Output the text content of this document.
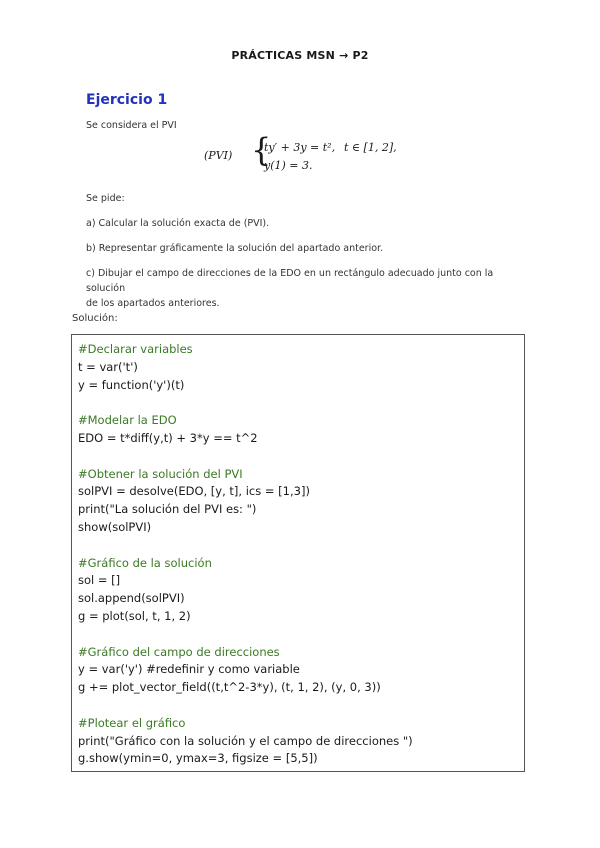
PRÁCTICAS MSN → P2
Ejercicio 1

Se considera el PVI

(PVI) {
ty′ + 3y = t², t ∈ [1, 2],
y(1) = 3.

Se pide:

a) Calcular la solución exacta de (PVI).

b) Representar gráficamente la solución del apartado anterior.

c) Dibujar el campo de direcciones de la EDO en un rectángulo adecuado junto con la solución
de los apartados anteriores.

Solución:
#Declarar variables
t = var('t')
y = function('y')(t)
#Modelar la EDO
EDO = t*diff(y,t) + 3*y == t^2
#Obtener la solución del PVI
solPVI = desolve(EDO, [y, t], ics = [1,3])
print("La solución del PVI es: ")
show(solPVI)
#Gráfico de la solución
sol = []
sol.append(solPVI)
g = plot(sol, t, 1, 2)
#Gráfico del campo de direcciones
y = var('y') #redefinir y como variable
g += plot_vector_field((t,t^2-3*y), (t, 1, 2), (y, 0, 3))
#Plotear el gráfico
print("Gráfico con la solución y el campo de direcciones ")
g.show(ymin=0, ymax=3, figsize = [5,5])
